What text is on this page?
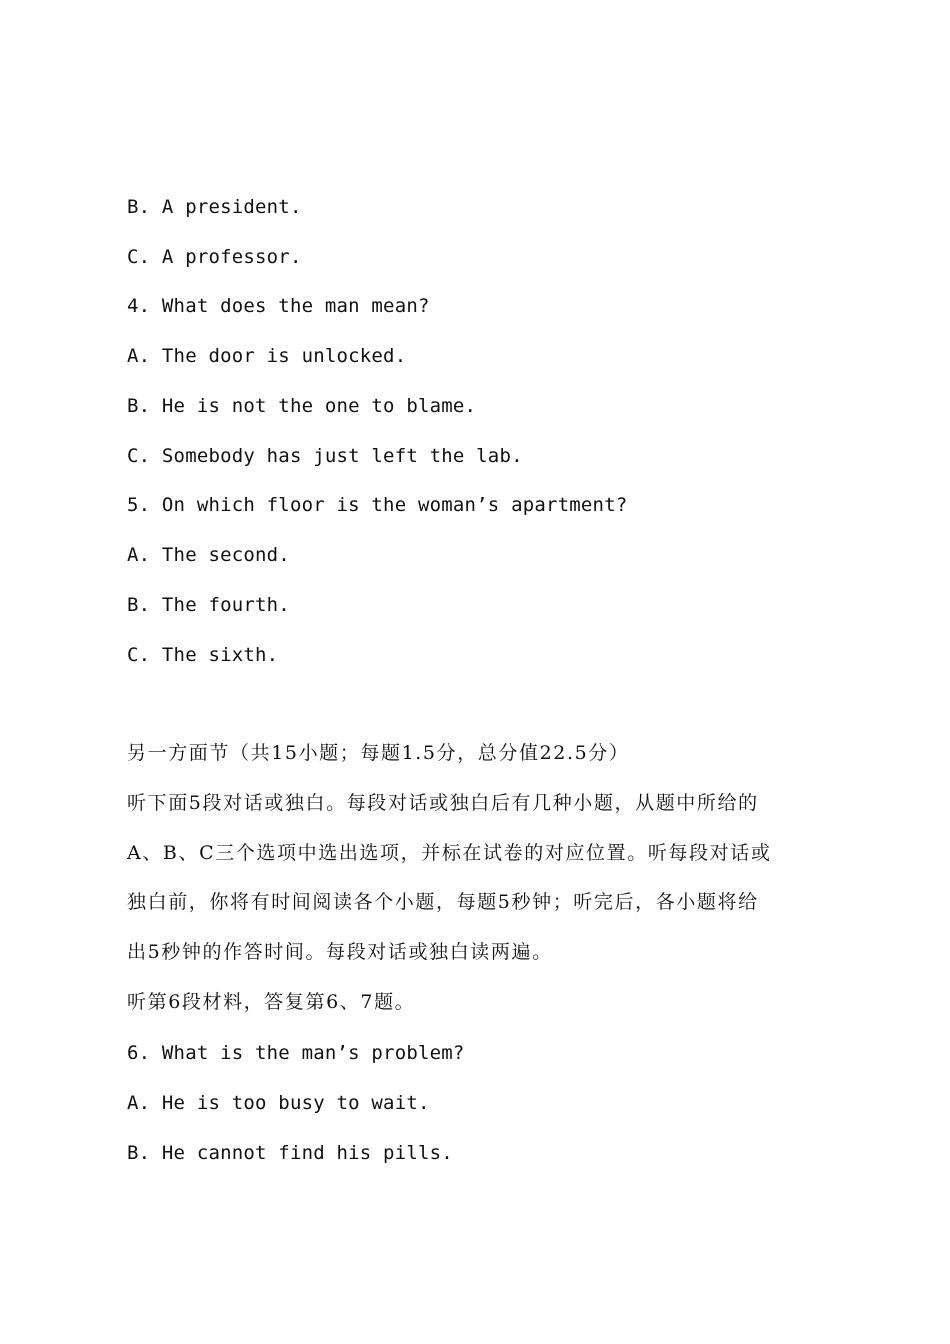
B. A president.
C. A professor.
4. What does the man mean?
A. The door is unlocked.
B. He is not the one to blame.
C. Somebody has just left the lab.
5. On which floor is the woman’s apartment?
A. The second.
B. The fourth.
C. The sixth.
另一方面节（共15小题；每题1.5分，总分值22.5分）
听下面5段对话或独白。每段对话或独白后有几种小题，从题中所给的
A、B、C三个选项中选出选项，并标在试卷的对应位置。听每段对话或
独白前，你将有时间阅读各个小题，每题5秒钟；听完后，各小题将给
出5秒钟的作答时间。每段对话或独白读两遍。
听第6段材料，答复第6、7题。
6. What is the man’s problem?
A. He is too busy to wait.
B. He cannot find his pills.
